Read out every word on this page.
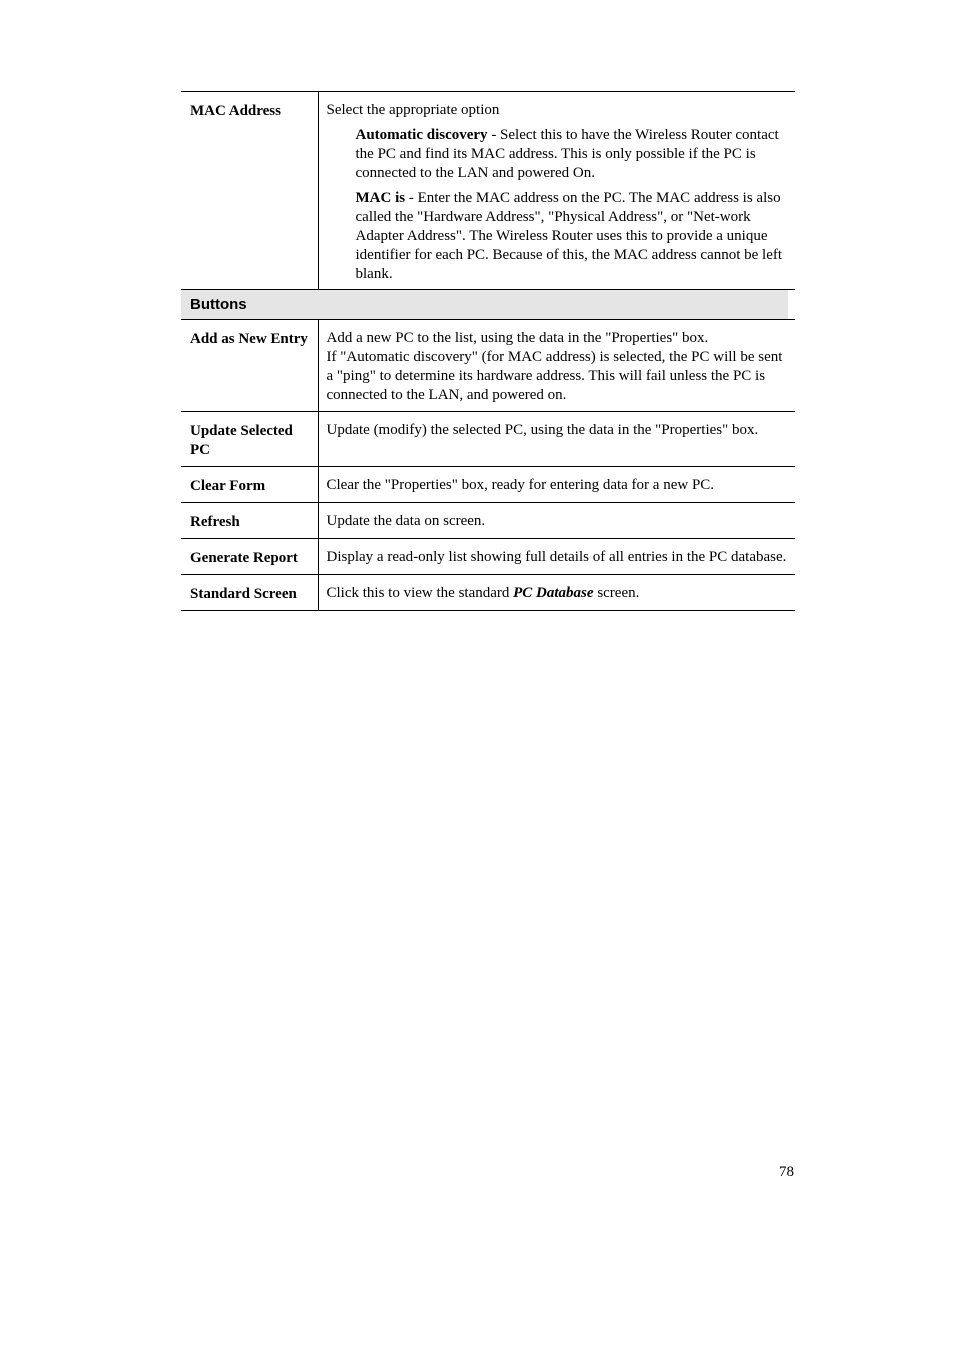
MAC Address	Select the appropriate option
Automatic discovery - Select this to have the Wireless Router contact the PC and find its MAC address. This is only possible if the PC is connected to the LAN and powered On.
MAC is - Enter the MAC address on the PC. The MAC address is also called the "Hardware Address", "Physical Address", or "Net-work Adapter Address". The Wireless Router uses this to provide a unique identifier for each PC. Because of this, the MAC address cannot be left blank.

Buttons	

Add as New Entry	Add a new PC to the list, using the data in the "Properties" box.
If "Automatic discovery" (for MAC address) is selected, the PC will be sent a "ping" to determine its hardware address. This will fail unless the PC is connected to the LAN, and powered on.

Update Selected PC	Update (modify) the selected PC, using the data in the "Properties" box.
Clear Form	Clear the "Properties" box, ready for entering data for a new PC.
Refresh	Update the data on screen.
Generate Report	Display a read-only list showing full details of all entries in the PC database.
Standard Screen	Click this to view the standard PC Database screen.
78
